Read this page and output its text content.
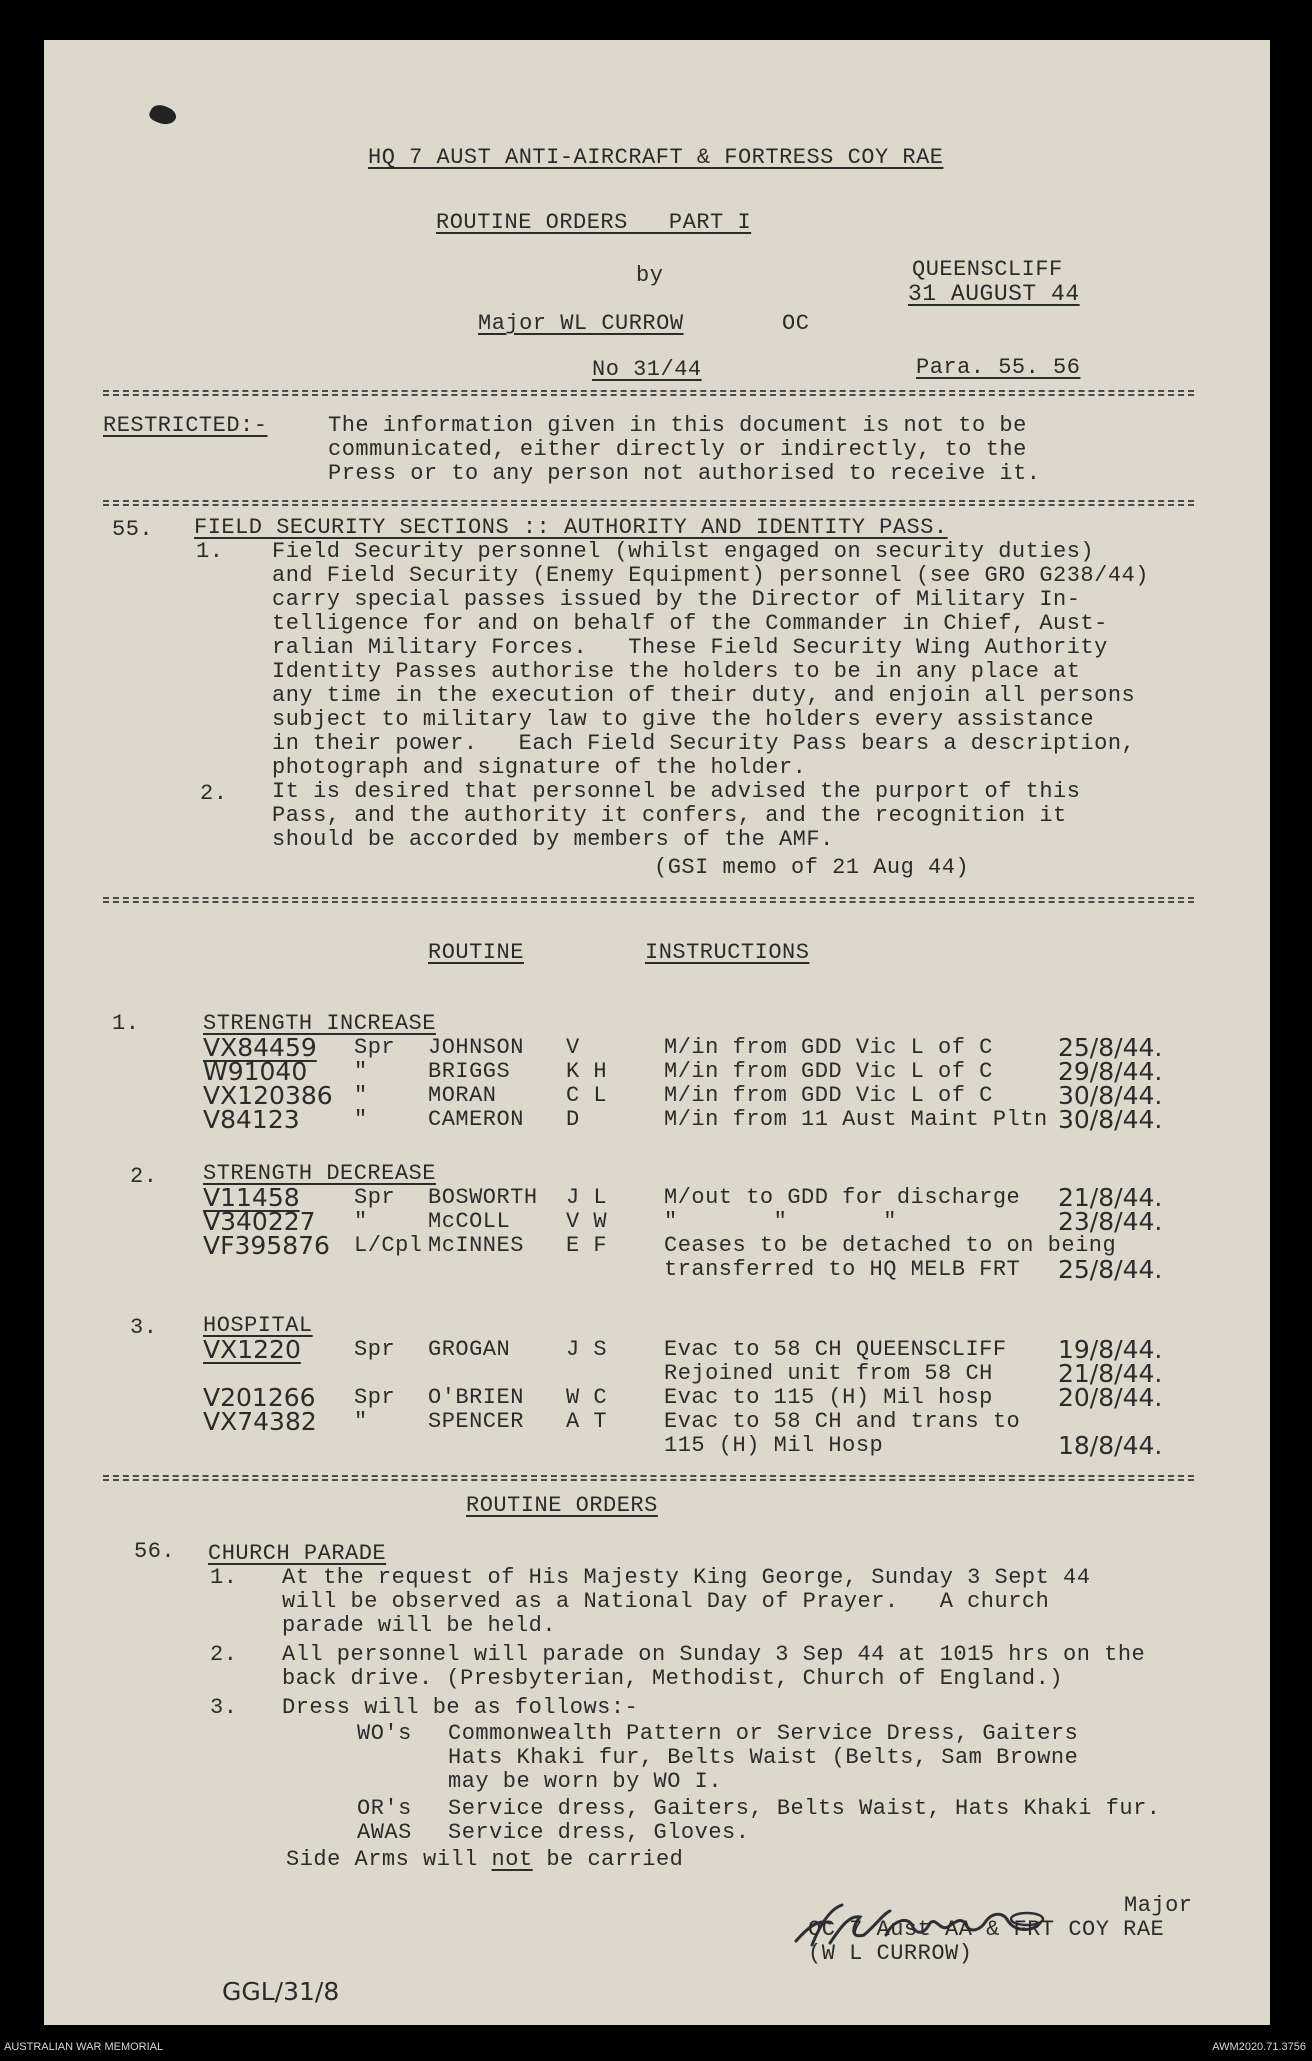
HQ 7 AUST ANTI-AIRCRAFT & FORTRESS COY RAE
ROUTINE ORDERS   PART I
by	QUEENSCLIFF
31 AUGUST 44
Major WL CURROW	OC
No 31/44	Para. 55. 56
RESTRICTED:-	The information given in this document is not to be
communicated, either directly or indirectly, to the
Press or to any person not authorised to receive it.
55. FIELD SECURITY SECTIONS :: AUTHORITY AND IDENTITY PASS.
1. Field Security personnel (whilst engaged on security duties)
and Field Security (Enemy Equipment) personnel (see GRO G238/44)
carry special passes issued by the Director of Military In-
telligence for and on behalf of the Commander in Chief, Aust-
ralian Military Forces.   These Field Security Wing Authority
Identity Passes authorise the holders to be in any place at
any time in the execution of their duty, and enjoin all persons
subject to military law to give the holders every assistance
in their power.   Each Field Security Pass bears a description,
photograph and signature of the holder.
2. It is desired that personnel be advised the purport of this
Pass, and the authority it confers, and the recognition it
should be accorded by members of the AMF.
(GSI memo of 21 Aug 44)
ROUTINE	INSTRUCTIONS
1.	STRENGTH INCREASE
VX84459 Spr JOHNSON V	M/in from GDD Vic L of C	25/8/44.
W91040 "	BRIGGS	K H	M/in from GDD Vic L of C	29/8/44.
VX120386 "	MORAN	C L	M/in from GDD Vic L of C	30/8/44.
V84123 "	CAMERON D	M/in from 11 Aust Maint Pltn 30/8/44.
2. STRENGTH DECREASE
V11458 Spr BOSWORTH J L	M/out to GDD for discharge 21/8/44.
V340227 "	McCOLL	V W	"       "       "	23/8/44.
VF395876 L/Cpl McINNES E F	Ceases to be detached to on being
transferred to HQ MELB FRT 25/8/44.
3. HOSPITAL
VX1220 Spr GROGAN	J S	Evac to 58 CH QUEENSCLIFF 19/8/44.
Rejoined unit from 58 CH	21/8/44.
V201266 Spr O'BRIEN W C	Evac to 115 (H) Mil hosp	20/8/44.
VX74382 "	SPENCER A T	Evac to 58 CH and trans to
115 (H) Mil Hosp	18/8/44.
ROUTINE ORDERS
56. CHURCH PARADE
1. At the request of His Majesty King George, Sunday 3 Sept 44
will be observed as a National Day of Prayer.   A church
parade will be held.
2. All personnel will parade on Sunday 3 Sep 44 at 1015 hrs on the
back drive. (Presbyterian, Methodist, Church of England.)
3. Dress will be as follows:-
WO's Commonwealth Pattern or Service Dress, Gaiters
Hats Khaki fur, Belts Waist (Belts, Sam Browne
may be worn by WO I.
OR's Service dress, Gaiters, Belts Waist, Hats Khaki fur.
AWAS Service dress, Gloves.
Side Arms will not be carried
Major
OC 7 Aust AA & FRT COY RAE
(W L CURROW)
GGL/31/8
AUSTRALIAN WAR MEMORIAL	AWM2020.71.3756
